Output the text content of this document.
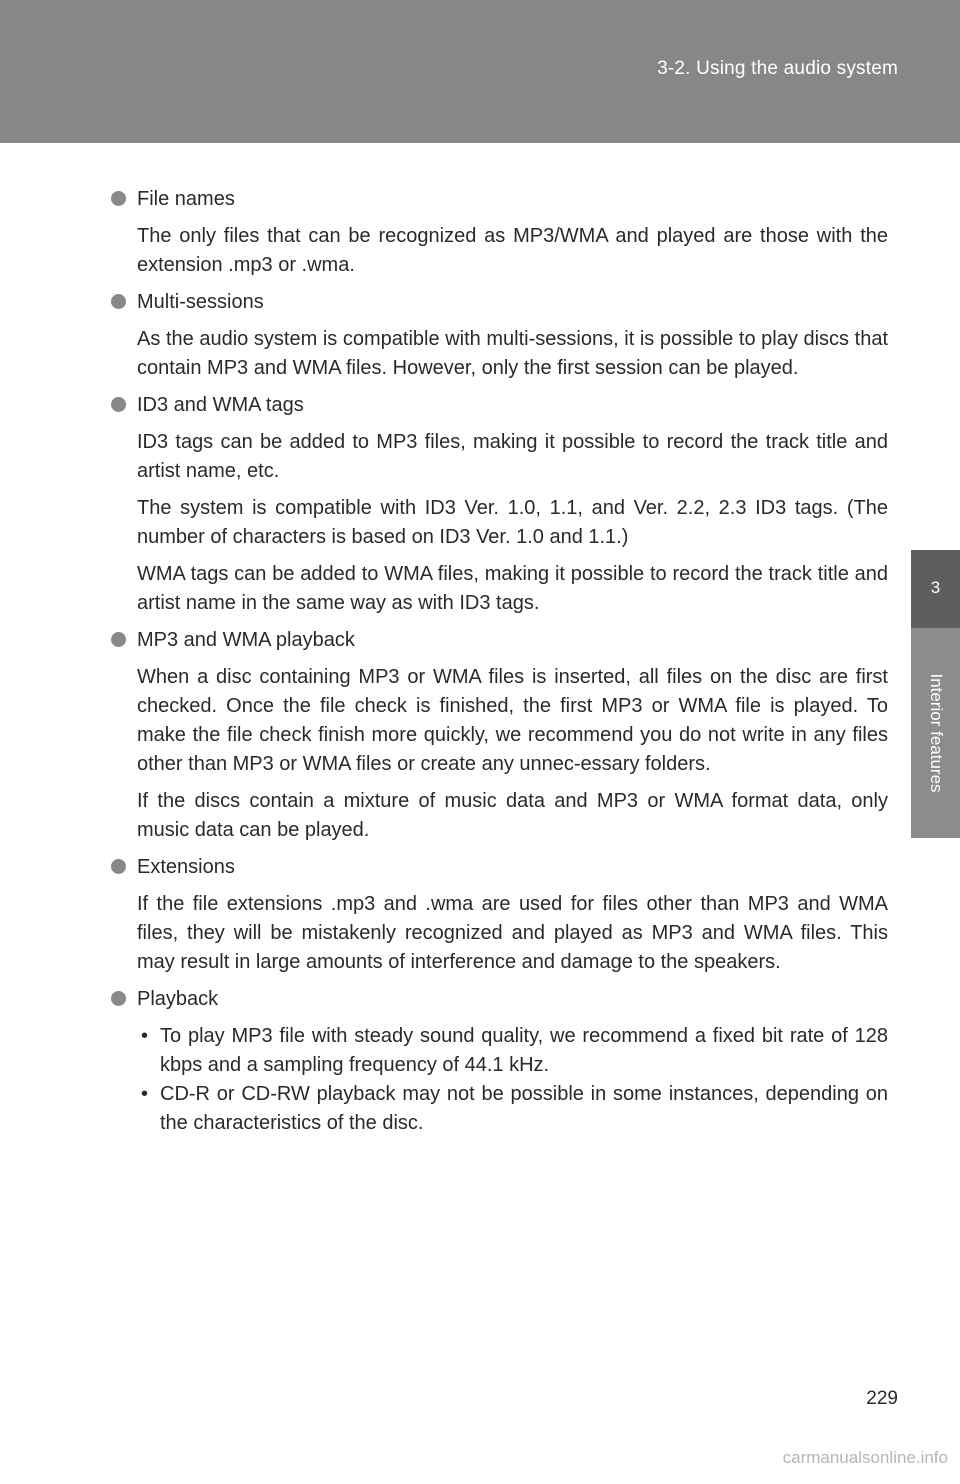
3-2. Using the audio system
3
Interior features
File names
The only files that can be recognized as MP3/WMA and played are those with the extension .mp3 or .wma.
Multi-sessions
As the audio system is compatible with multi-sessions, it is possible to play discs that contain MP3 and WMA files. However, only the first session can be played.
ID3 and WMA tags
ID3 tags can be added to MP3 files, making it possible to record the track title and artist name, etc.
The system is compatible with ID3 Ver. 1.0, 1.1, and Ver. 2.2, 2.3 ID3 tags. (The number of characters is based on ID3 Ver. 1.0 and 1.1.)
WMA tags can be added to WMA files, making it possible to record the track title and artist name in the same way as with ID3 tags.
MP3 and WMA playback
When a disc containing MP3 or WMA files is inserted, all files on the disc are first checked. Once the file check is finished, the first MP3 or WMA file is played. To make the file check finish more quickly, we recommend you do not write in any files other than MP3 or WMA files or create any unnec-essary folders.
If the discs contain a mixture of music data and MP3 or WMA format data, only music data can be played.
Extensions
If the file extensions .mp3 and .wma are used for files other than MP3 and WMA files, they will be mistakenly recognized and played as MP3 and WMA files. This may result in large amounts of interference and damage to the speakers.
Playback
• To play MP3 file with steady sound quality, we recommend a fixed bit rate of 128 kbps and a sampling frequency of 44.1 kHz.
• CD-R or CD-RW playback may not be possible in some instances, depending on the characteristics of the disc.
229
carmanualsonline.info
